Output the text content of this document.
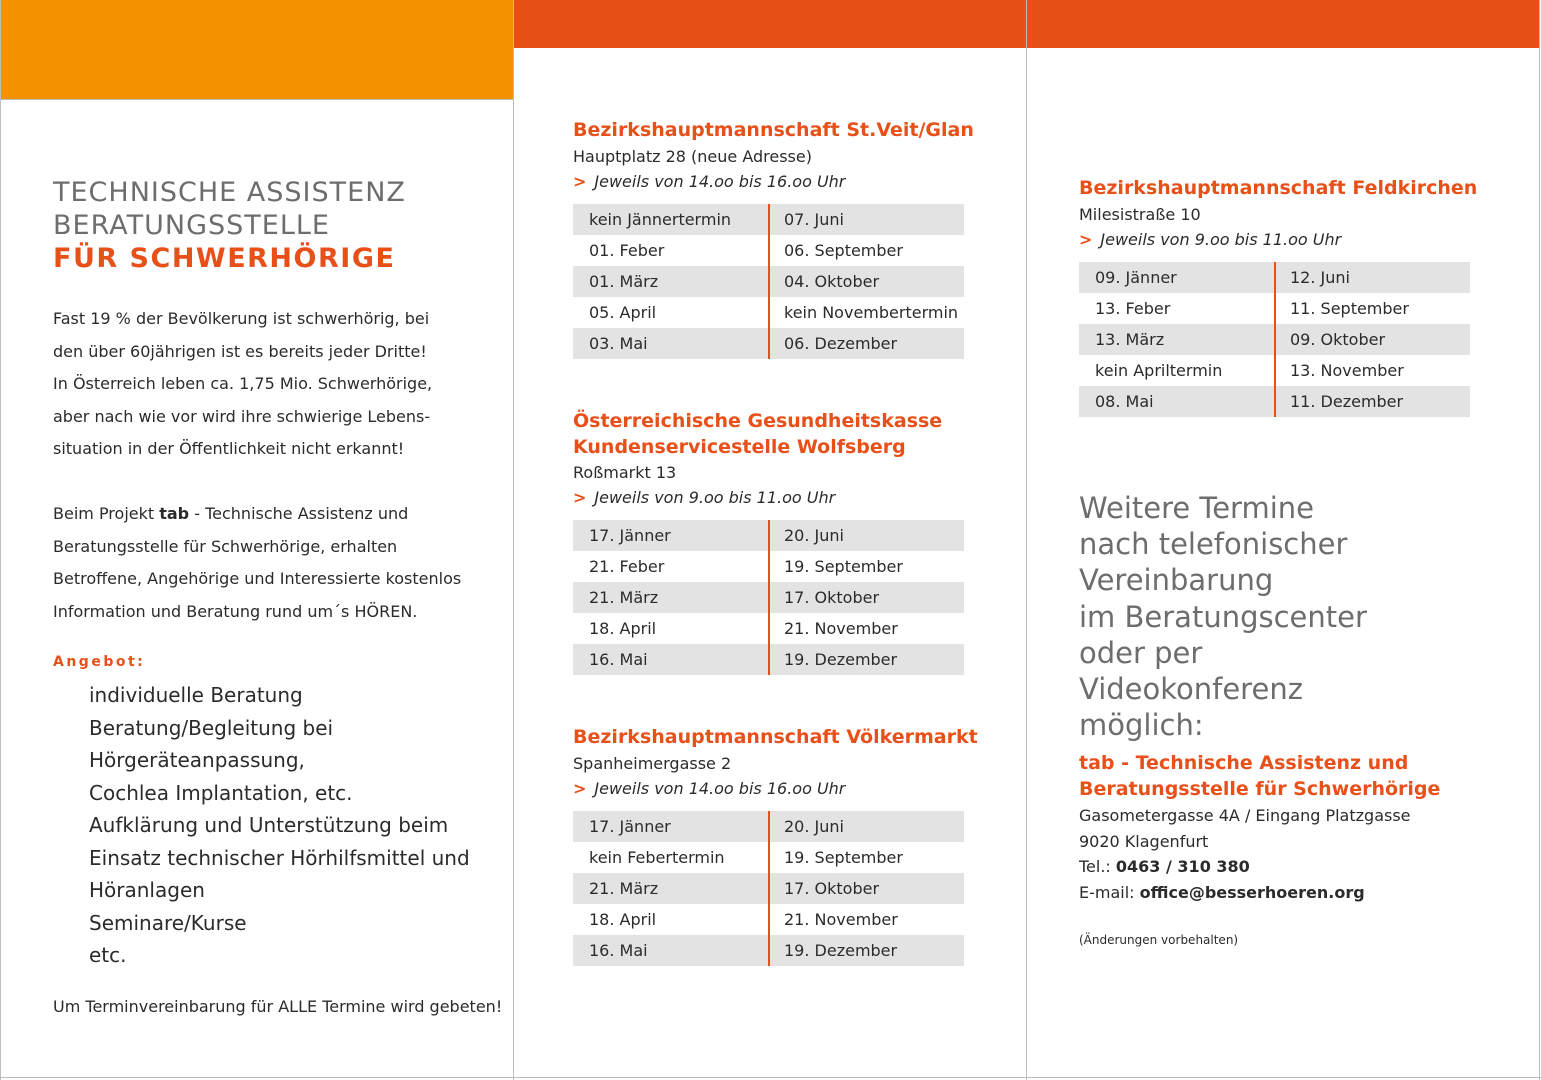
TECHNISCHE ASSISTENZ
BERATUNGSSTELLE
FÜR SCHWERHÖRIGE
Fast 19 % der Bevölkerung ist schwerhörig, bei
den über 60jährigen ist es bereits jeder Dritte!
In Österreich leben ca. 1,75 Mio. Schwerhörige,
aber nach wie vor wird ihre schwierige Lebens-
situation in der Öffentlichkeit nicht erkannt!
Beim Projekt tab - Technische Assistenz und
Beratungsstelle für Schwerhörige, erhalten
Betroffene, Angehörige und Interessierte kostenlos
Information und Beratung rund um´s HÖREN.
Angebot:
individuelle Beratung
Beratung/Begleitung bei
Hörgeräteanpassung,
Cochlea Implantation, etc.
Aufklärung und Unterstützung beim
Einsatz technischer Hörhilfsmittel und
Höranlagen
Seminare/Kurse
etc.
Um Terminvereinbarung für ALLE Termine wird gebeten!
Bezirkshauptmannschaft St.Veit/Glan
Hauptplatz 28 (neue Adresse)
> Jeweils von 14.oo bis 16.oo Uhr
kein Jännertermin	07. Juni
01. Feber	06. September
01. März	04. Oktober
05. April	kein Novembertermin
03. Mai	06. Dezember
Österreichische Gesundheitskasse
Kundenservicestelle Wolfsberg
Roßmarkt 13
> Jeweils von 9.oo bis 11.oo Uhr
17. Jänner	20. Juni
21. Feber	19. September
21. März	17. Oktober
18. April	21. November
16. Mai	19. Dezember
Bezirkshauptmannschaft Völkermarkt
Spanheimergasse 2
> Jeweils von 14.oo bis 16.oo Uhr
17. Jänner	20. Juni
kein Febertermin	19. September
21. März	17. Oktober
18. April	21. November
16. Mai	19. Dezember
Bezirkshauptmannschaft Feldkirchen
Milesistraße 10
> Jeweils von 9.oo bis 11.oo Uhr
09. Jänner	12. Juni
13. Feber	11. September
13. März	09. Oktober
kein Apriltermin	13. November
08. Mai	11. Dezember
Weitere Termine
nach telefonischer
Vereinbarung
im Beratungscenter
oder per
Videokonferenz
möglich:
tab - Technische Assistenz und
Beratungsstelle für Schwerhörige
Gasometergasse 4A / Eingang Platzgasse
9020 Klagenfurt
Tel.: 0463 / 310 380
E-mail: office@besserhoeren.org
(Änderungen vorbehalten)
